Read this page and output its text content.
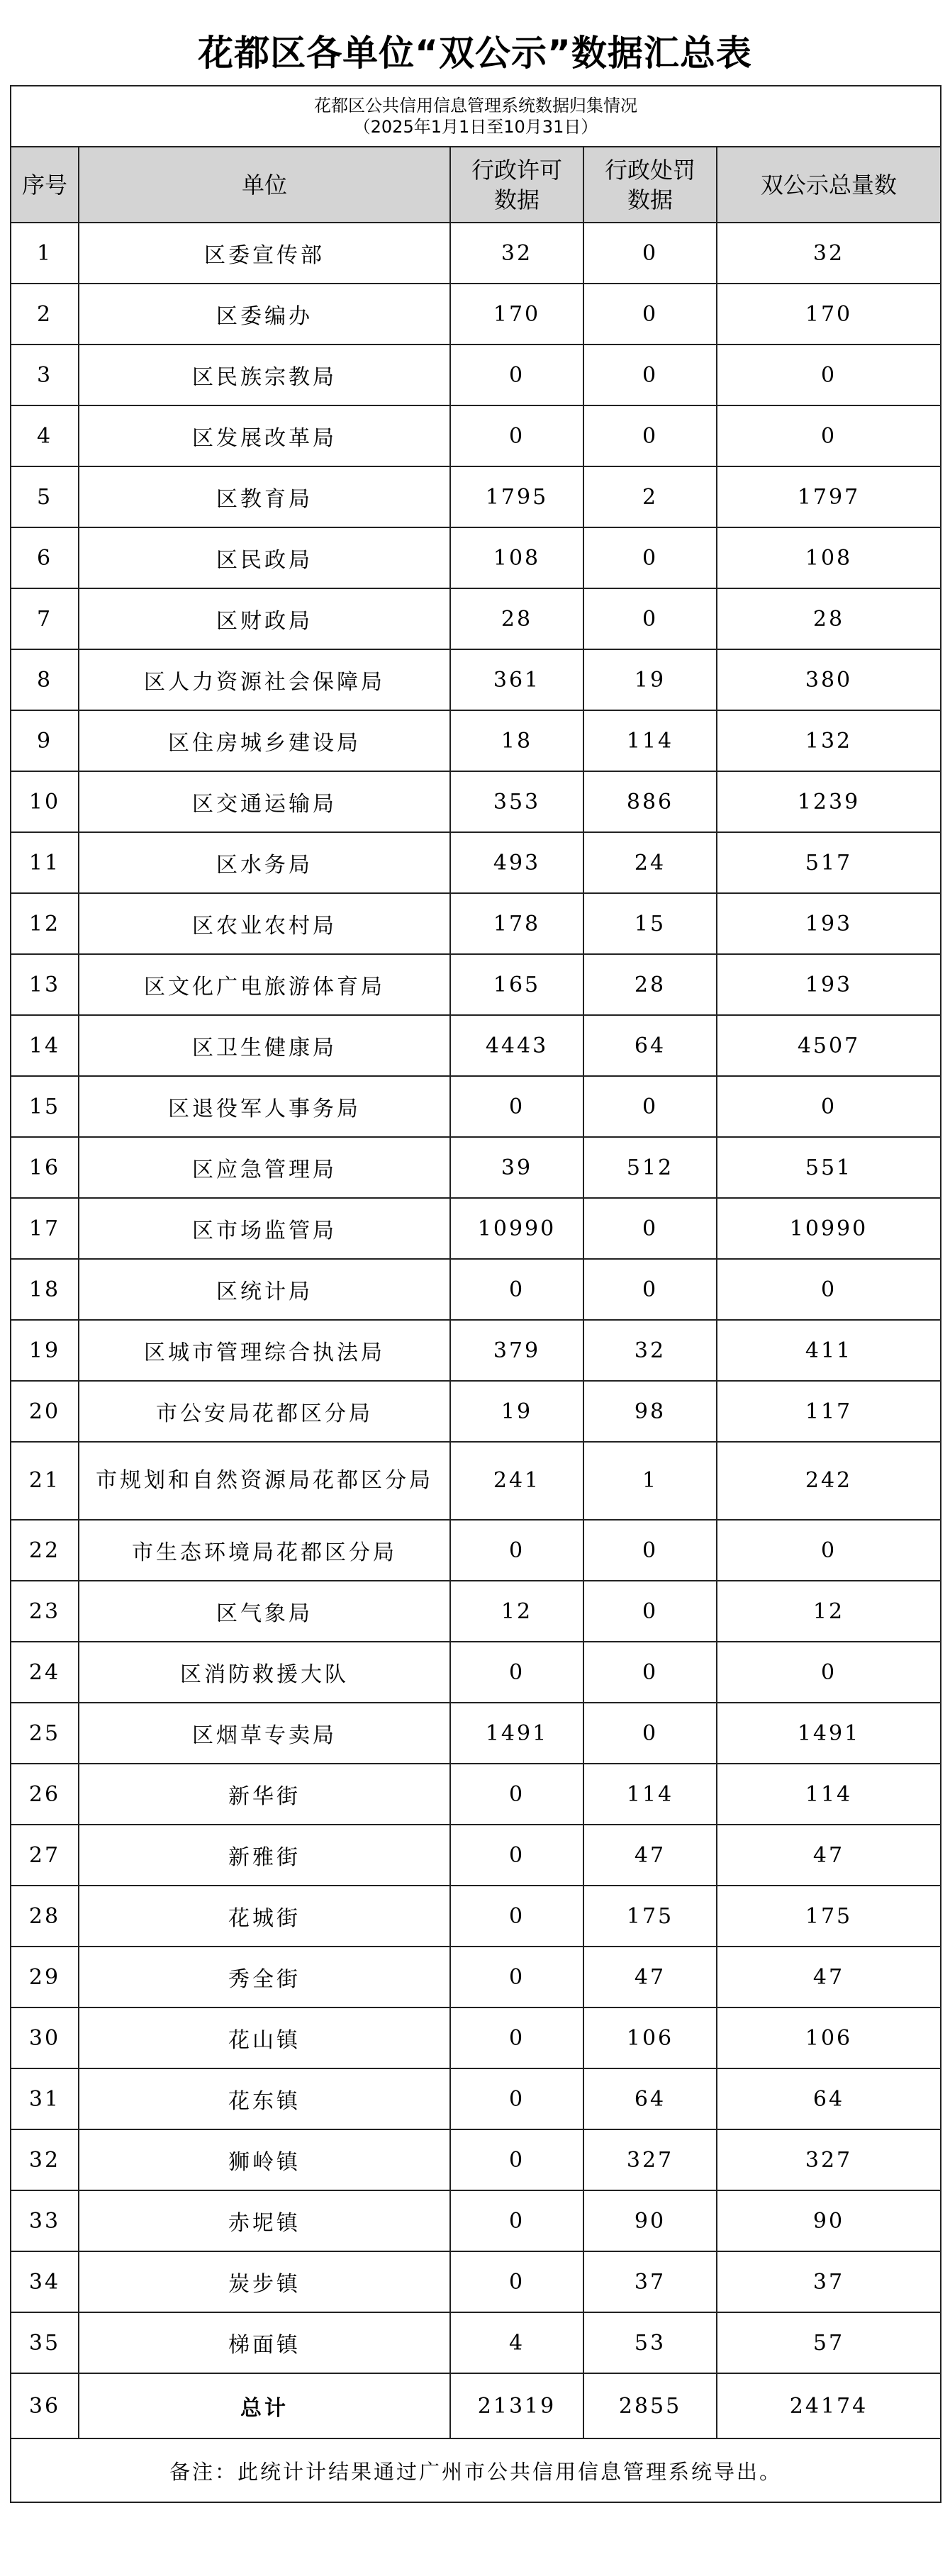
花都区各单位“双公示”数据汇总表
花都区公共信用信息管理系统数据归集情况
（2025年1月1日至10月31日）				

序号	单位	行政许可数据	行政处罚数据	双公示总量数
1	区委宣传部	32	0	32
2	区委编办	170	0	170
3	区民族宗教局	0	0	0
4	区发展改革局	0	0	0
5	区教育局	1795	2	1797
6	区民政局	108	0	108
7	区财政局	28	0	28
8	区人力资源社会保障局	361	19	380
9	区住房城乡建设局	18	114	132
10	区交通运输局	353	886	1239
11	区水务局	493	24	517
12	区农业农村局	178	15	193
13	区文化广电旅游体育局	165	28	193
14	区卫生健康局	4443	64	4507
15	区退役军人事务局	0	0	0
16	区应急管理局	39	512	551
17	区市场监管局	10990	0	10990
18	区统计局	0	0	0
19	区城市管理综合执法局	379	32	411
20	市公安局花都区分局	19	98	117
21	市规划和自然资源局花都区分局	241	1	242
22	市生态环境局花都区分局	0	0	0
23	区气象局	12	0	12
24	区消防救援大队	0	0	0
25	区烟草专卖局	1491	0	1491
26	新华街	0	114	114
27	新雅街	0	47	47
28	花城街	0	175	175
29	秀全街	0	47	47
30	花山镇	0	106	106
31	花东镇	0	64	64
32	狮岭镇	0	327	327
33	赤坭镇	0	90	90
34	炭步镇	0	37	37
35	梯面镇	4	53	57
36	总计	21319	2855	24174
备注：此统计计结果通过广州市公共信用信息管理系统导出。				
